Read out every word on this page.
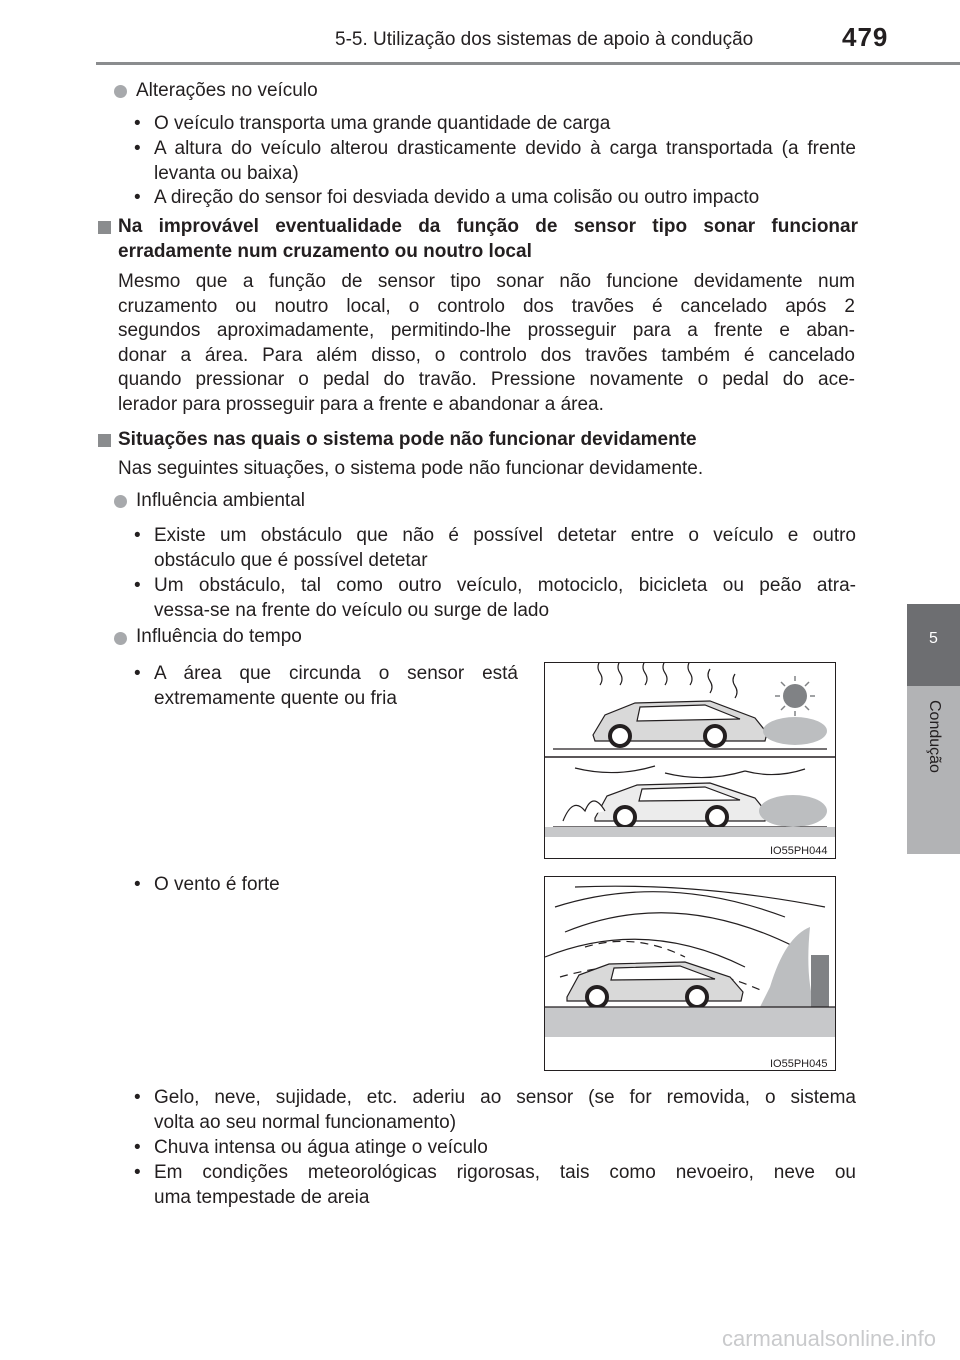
5-5. Utilização dos sistemas de apoio à condução	479
5
Condução
Alterações no veículo
• O veículo transporta uma grande quantidade de carga
• A altura do veículo alterou drasticamente devido à carga transportada (a frente levanta ou baixa)
• A direção do sensor foi desviada devido a uma colisão ou outro impacto
Na improvável eventualidade da função de sensor tipo sonar funcionar erradamente num cruzamento ou noutro local
Mesmo que a função de sensor tipo sonar não funcione devidamente num
cruzamento ou noutro local, o controlo dos travões é cancelado após 2
segundos aproximadamente, permitindo-lhe prosseguir para a frente e aban-
donar a área. Para além disso, o controlo dos travões também é cancelado
quando pressionar o pedal do travão. Pressione novamente o pedal do ace-
lerador para prosseguir para a frente e abandonar a área.
Situações nas quais o sistema pode não funcionar devidamente
Nas seguintes situações, o sistema pode não funcionar devidamente.
Influência ambiental
• Existe um obstáculo que não é possível detetar entre o veículo e outro
obstáculo que é possível detetar
• Um obstáculo, tal como outro veículo, motociclo, bicicleta ou peão atra-
vessa-se na frente do veículo ou surge de lado
Influência do tempo
• A área que circunda o sensor está
extremamente quente ou fria
IO55PH044
• O vento é forte
IO55PH045
• Gelo, neve, sujidade, etc. aderiu ao sensor (se for removida, o sistema
volta ao seu normal funcionamento)
• Chuva intensa ou água atinge o veículo
• Em condições meteorológicas rigorosas, tais como nevoeiro, neve ou
uma tempestade de areia
carmanualsonline.info
